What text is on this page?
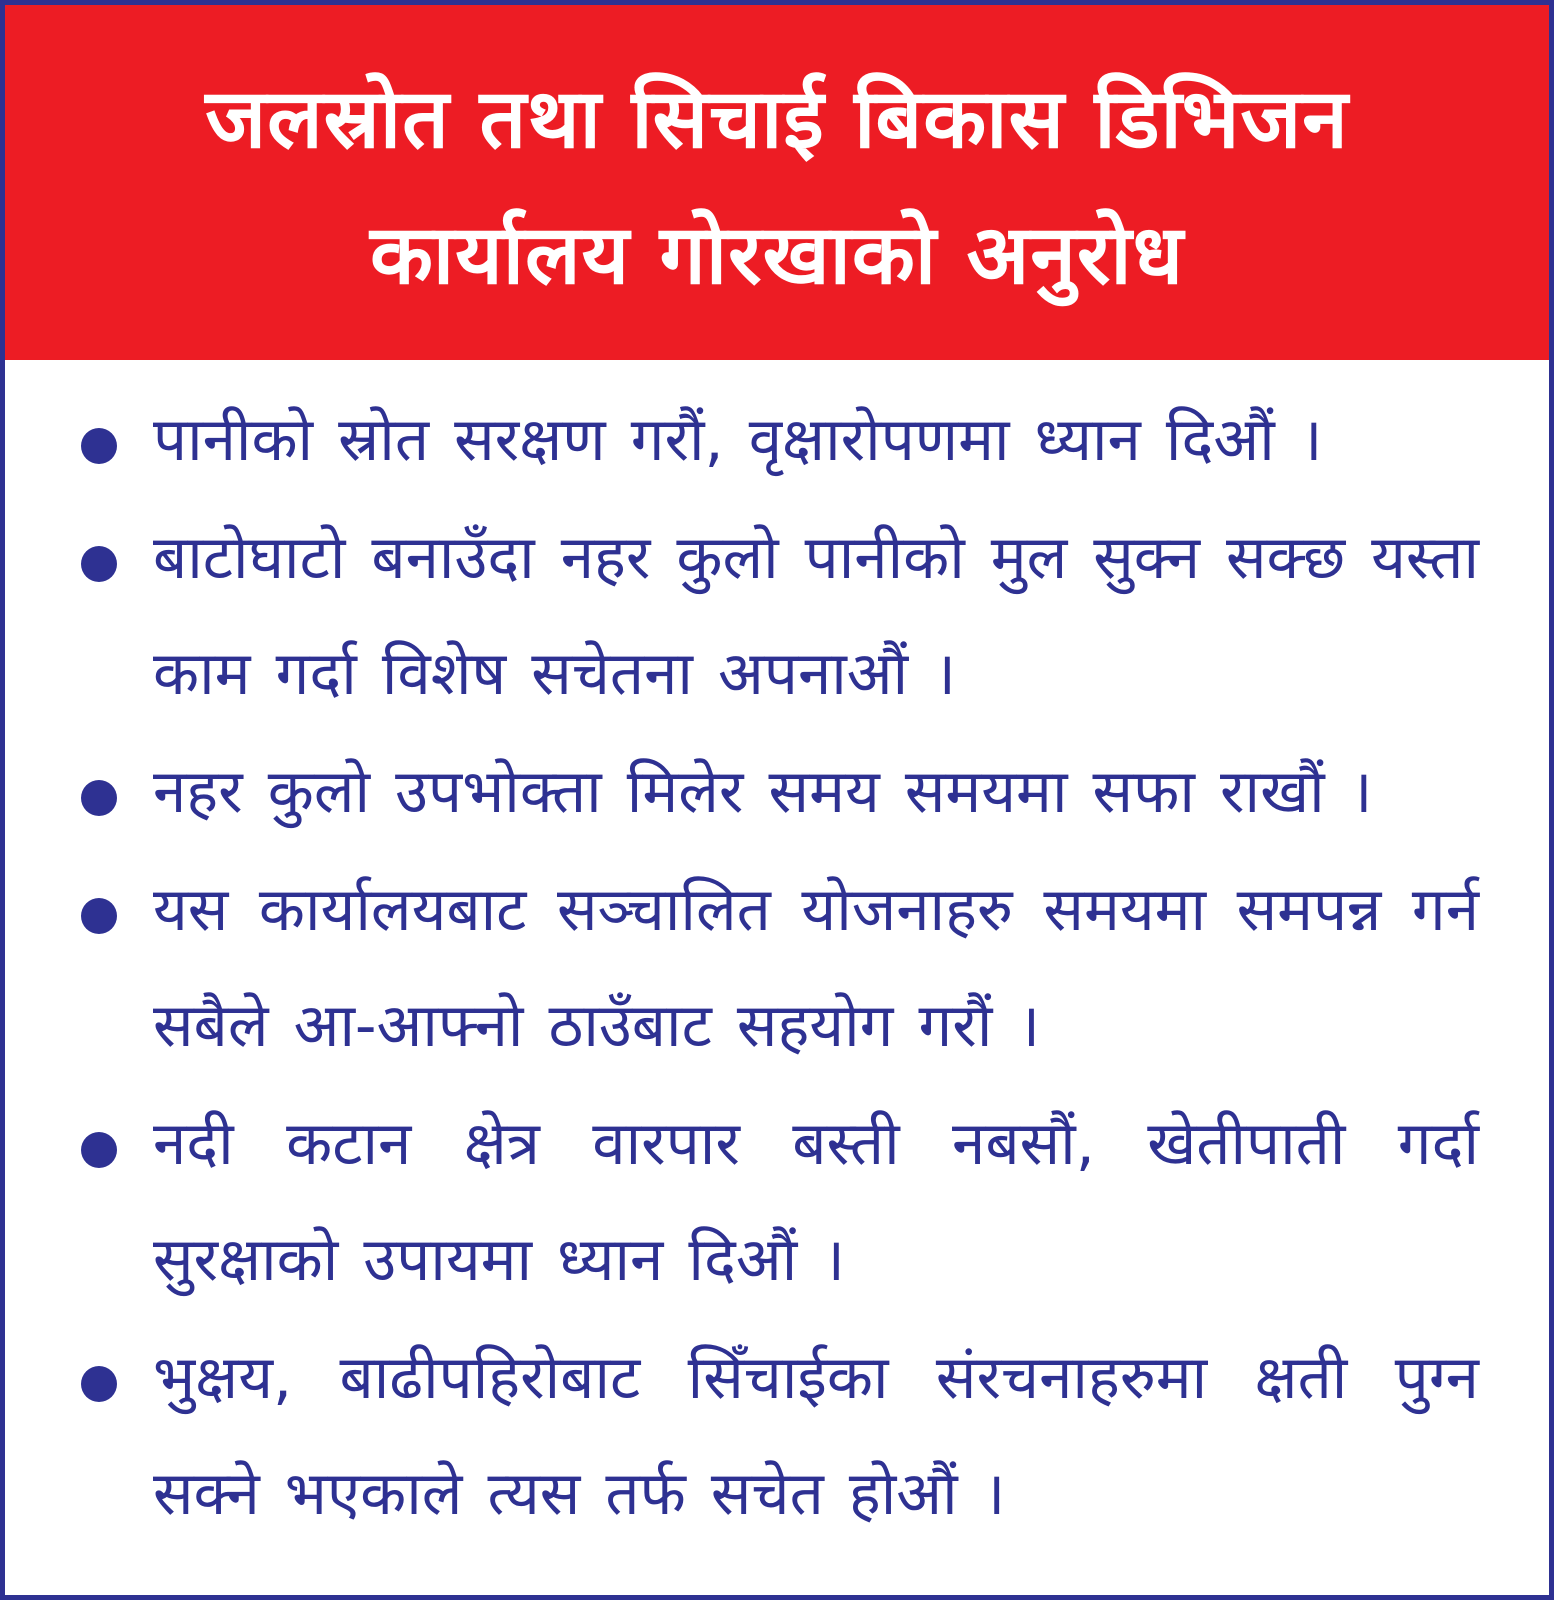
जलस्रोत तथा सिचाई बिकास डिभिजन
कार्यालय गोरखाको अनुरोध
पानीको स्रोत सरक्षण गरौं, वृक्षारोपणमा ध्यान दिऔं ।
बाटोघाटो बनाउँदा नहर कुलो पानीको मुल सुक्न सक्छ यस्ता काम गर्दा विशेष सचेतना अपनाऔं ।
नहर कुलो उपभोक्ता मिलेर समय समयमा सफा राखौं ।
यस कार्यालयबाट सञ्चालित योजनाहरु समयमा समपन्न गर्न सबैले आ-आफ्नो ठाउँबाट सहयोग गरौं ।
नदी कटान क्षेत्र वारपार बस्ती नबसौं, खेतीपाती गर्दा सुरक्षाको उपायमा ध्यान दिऔं ।
भुक्षय, बाढीपहिरोबाट सिँचाईका संरचनाहरुमा क्षती पुग्न सक्ने भएकाले त्यस तर्फ सचेत होऔं ।
